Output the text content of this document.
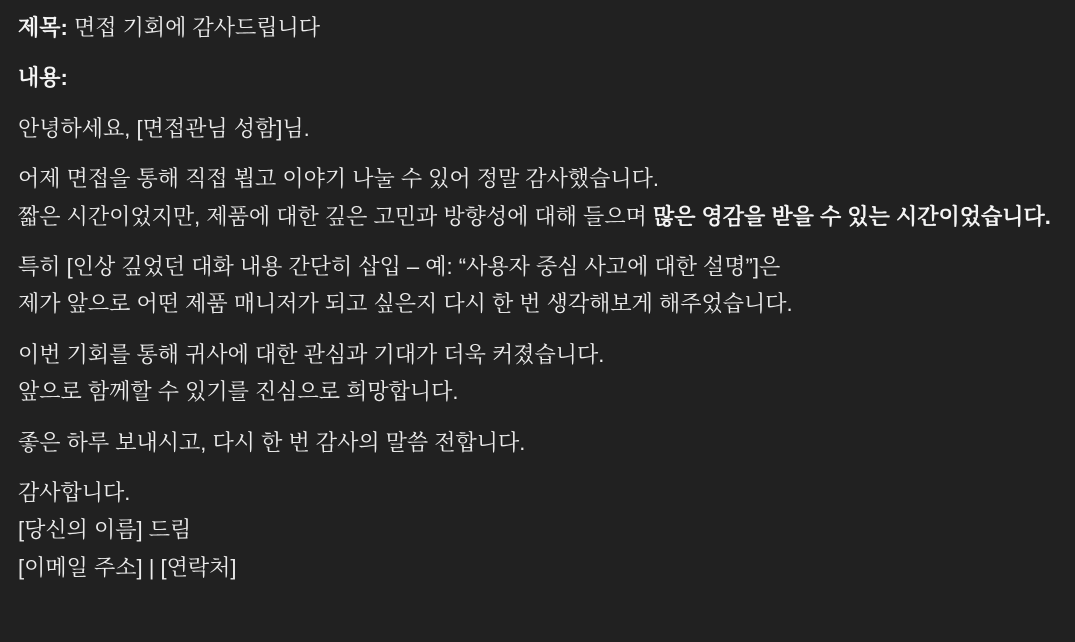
제목: 면접 기회에 감사드립니다

내용:

안녕하세요, [면접관님 성함]님.

어제 면접을 통해 직접 뵙고 이야기 나눌 수 있어 정말 감사했습니다.
짧은 시간이었지만, 제품에 대한 깊은 고민과 방향성에 대해 들으며 많은 영감을 받을 수 있는 시간이었습니다.

특히 [인상 깊었던 대화 내용 간단히 삽입 – 예: “사용자 중심 사고에 대한 설명”]은
제가 앞으로 어떤 제품 매니저가 되고 싶은지 다시 한 번 생각해보게 해주었습니다.

이번 기회를 통해 귀사에 대한 관심과 기대가 더욱 커졌습니다.
앞으로 함께할 수 있기를 진심으로 희망합니다.

좋은 하루 보내시고, 다시 한 번 감사의 말씀 전합니다.

감사합니다.
[당신의 이름] 드림
[이메일 주소] | [연락처]
